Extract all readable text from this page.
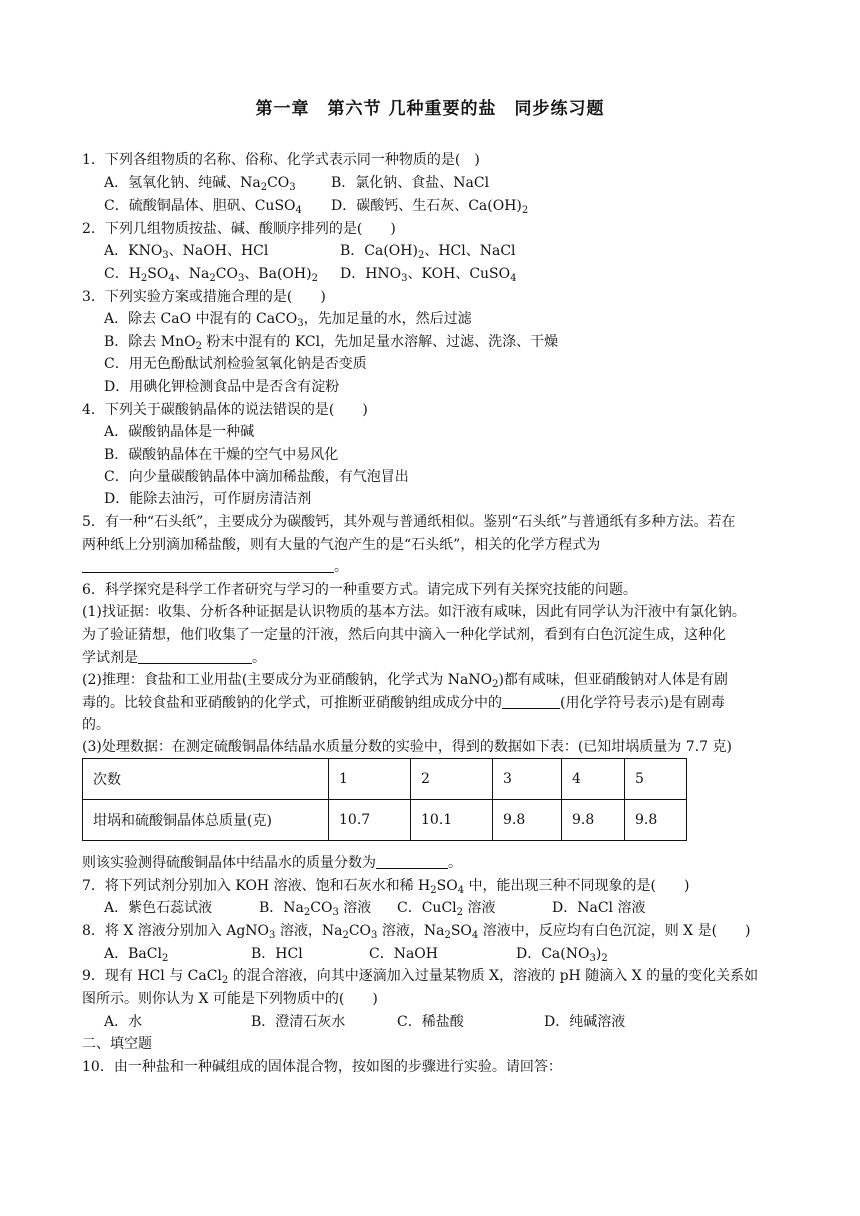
第一章　第六节 几种重要的盐　同步练习题
1．下列各组物质的名称、俗称、化学式表示同一种物质的是(　)
A．氢氧化钠、纯碱、$Na_2CO_3$	B．氯化钠、食盐、NaCl
C．硫酸铜晶体、胆矾、CuSO$_4$ D．碳酸钙、生石灰、$Ca(OH)_2$
2．下列几组物质按盐、碱、酸顺序排列的是(　　)
A．$KNO_3$、NaOH、HCl	B．$Ca(OH)_2$、HCl、NaCl
C．$H_2SO_4$、$Na_2CO_3$、$Ba(OH)_2$ D．$HNO_3$、KOH、CuSO$_4$
3．下列实验方案或措施合理的是(　　)
A．除去 CaO 中混有的 CaCO$_3$，先加足量的水，然后过滤
B．除去 MnO$_2$ 粉末中混有的 KCl，先加足量水溶解、过滤、洗涤、干燥
C．用无色酚酞试剂检验氢氧化钠是否变质
D．用碘化钾检测食品中是否含有淀粉
4．下列关于碳酸钠晶体的说法错误的是(　　)
A．碳酸钠晶体是一种碱
B．碳酸钠晶体在干燥的空气中易风化
C．向少量碳酸钠晶体中滴加稀盐酸，有气泡冒出
D．能除去油污，可作厨房清洁剂
5．有一种“石头纸”，主要成分为碳酸钙，其外观与普通纸相似。鉴别“石头纸”与普通纸有多种方法。若在
两种纸上分别滴加稀盐酸，则有大量的气泡产生的是“石头纸”，相关的化学方程式为
。
6．科学探究是科学工作者研究与学习的一种重要方式。请完成下列有关探究技能的问题。
(1)找证据：收集、分析各种证据是认识物质的基本方法。如汗液有咸味，因此有同学认为汗液中有氯化钠。
为了验证猜想，他们收集了一定量的汗液，然后向其中滴入一种化学试剂，看到有白色沉淀生成，这种化
学试剂是	。
(2)推理：食盐和工业用盐(主要成分为亚硝酸钠，化学式为 NaNO$_2$)都有咸味，但亚硝酸钠对人体是有剧
毒的。比较食盐和亚硝酸钠的化学式，可推断亚硝酸钠组成成分中的	(用化学符号表示)是有剧毒
的。
(3)处理数据：在测定硫酸铜晶体结晶水质量分数的实验中，得到的数据如下表：(已知坩埚质量为 7.7 克)
次数	1	2	3	4	5
坩埚和硫酸铜晶体总质量(克)	10.7	10.1	9.8	9.8	9.8
则该实验测得硫酸铜晶体中结晶水的质量分数为	。
7．将下列试剂分别加入 KOH 溶液、饱和石灰水和稀 $H_2SO_4$ 中，能出现三种不同现象的是(　　)
A．紫色石蕊试液	B．$Na_2CO_3$ 溶液 C．CuCl$_2$ 溶液	D．NaCl 溶液
8．将 X 溶液分别加入 AgNO$_3$ 溶液，$Na_2CO_3$ 溶液，$Na_2SO_4$ 溶液中，反应均有白色沉淀，则 X 是(　　)
A．BaCl$_2$	B．HCl	C．NaOH	D．$Ca(NO_3)_2$
9．现有 HCl 与 CaCl$_2$ 的混合溶液，向其中逐滴加入过量某物质 X，溶液的 pH 随滴入 X 的量的变化关系如
图所示。则你认为 X 可能是下列物质中的(　　)
A．水	B．澄清石灰水	C．稀盐酸	D．纯碱溶液
二、填空题
10．由一种盐和一种碱组成的固体混合物，按如图的步骤进行实验。请回答：
